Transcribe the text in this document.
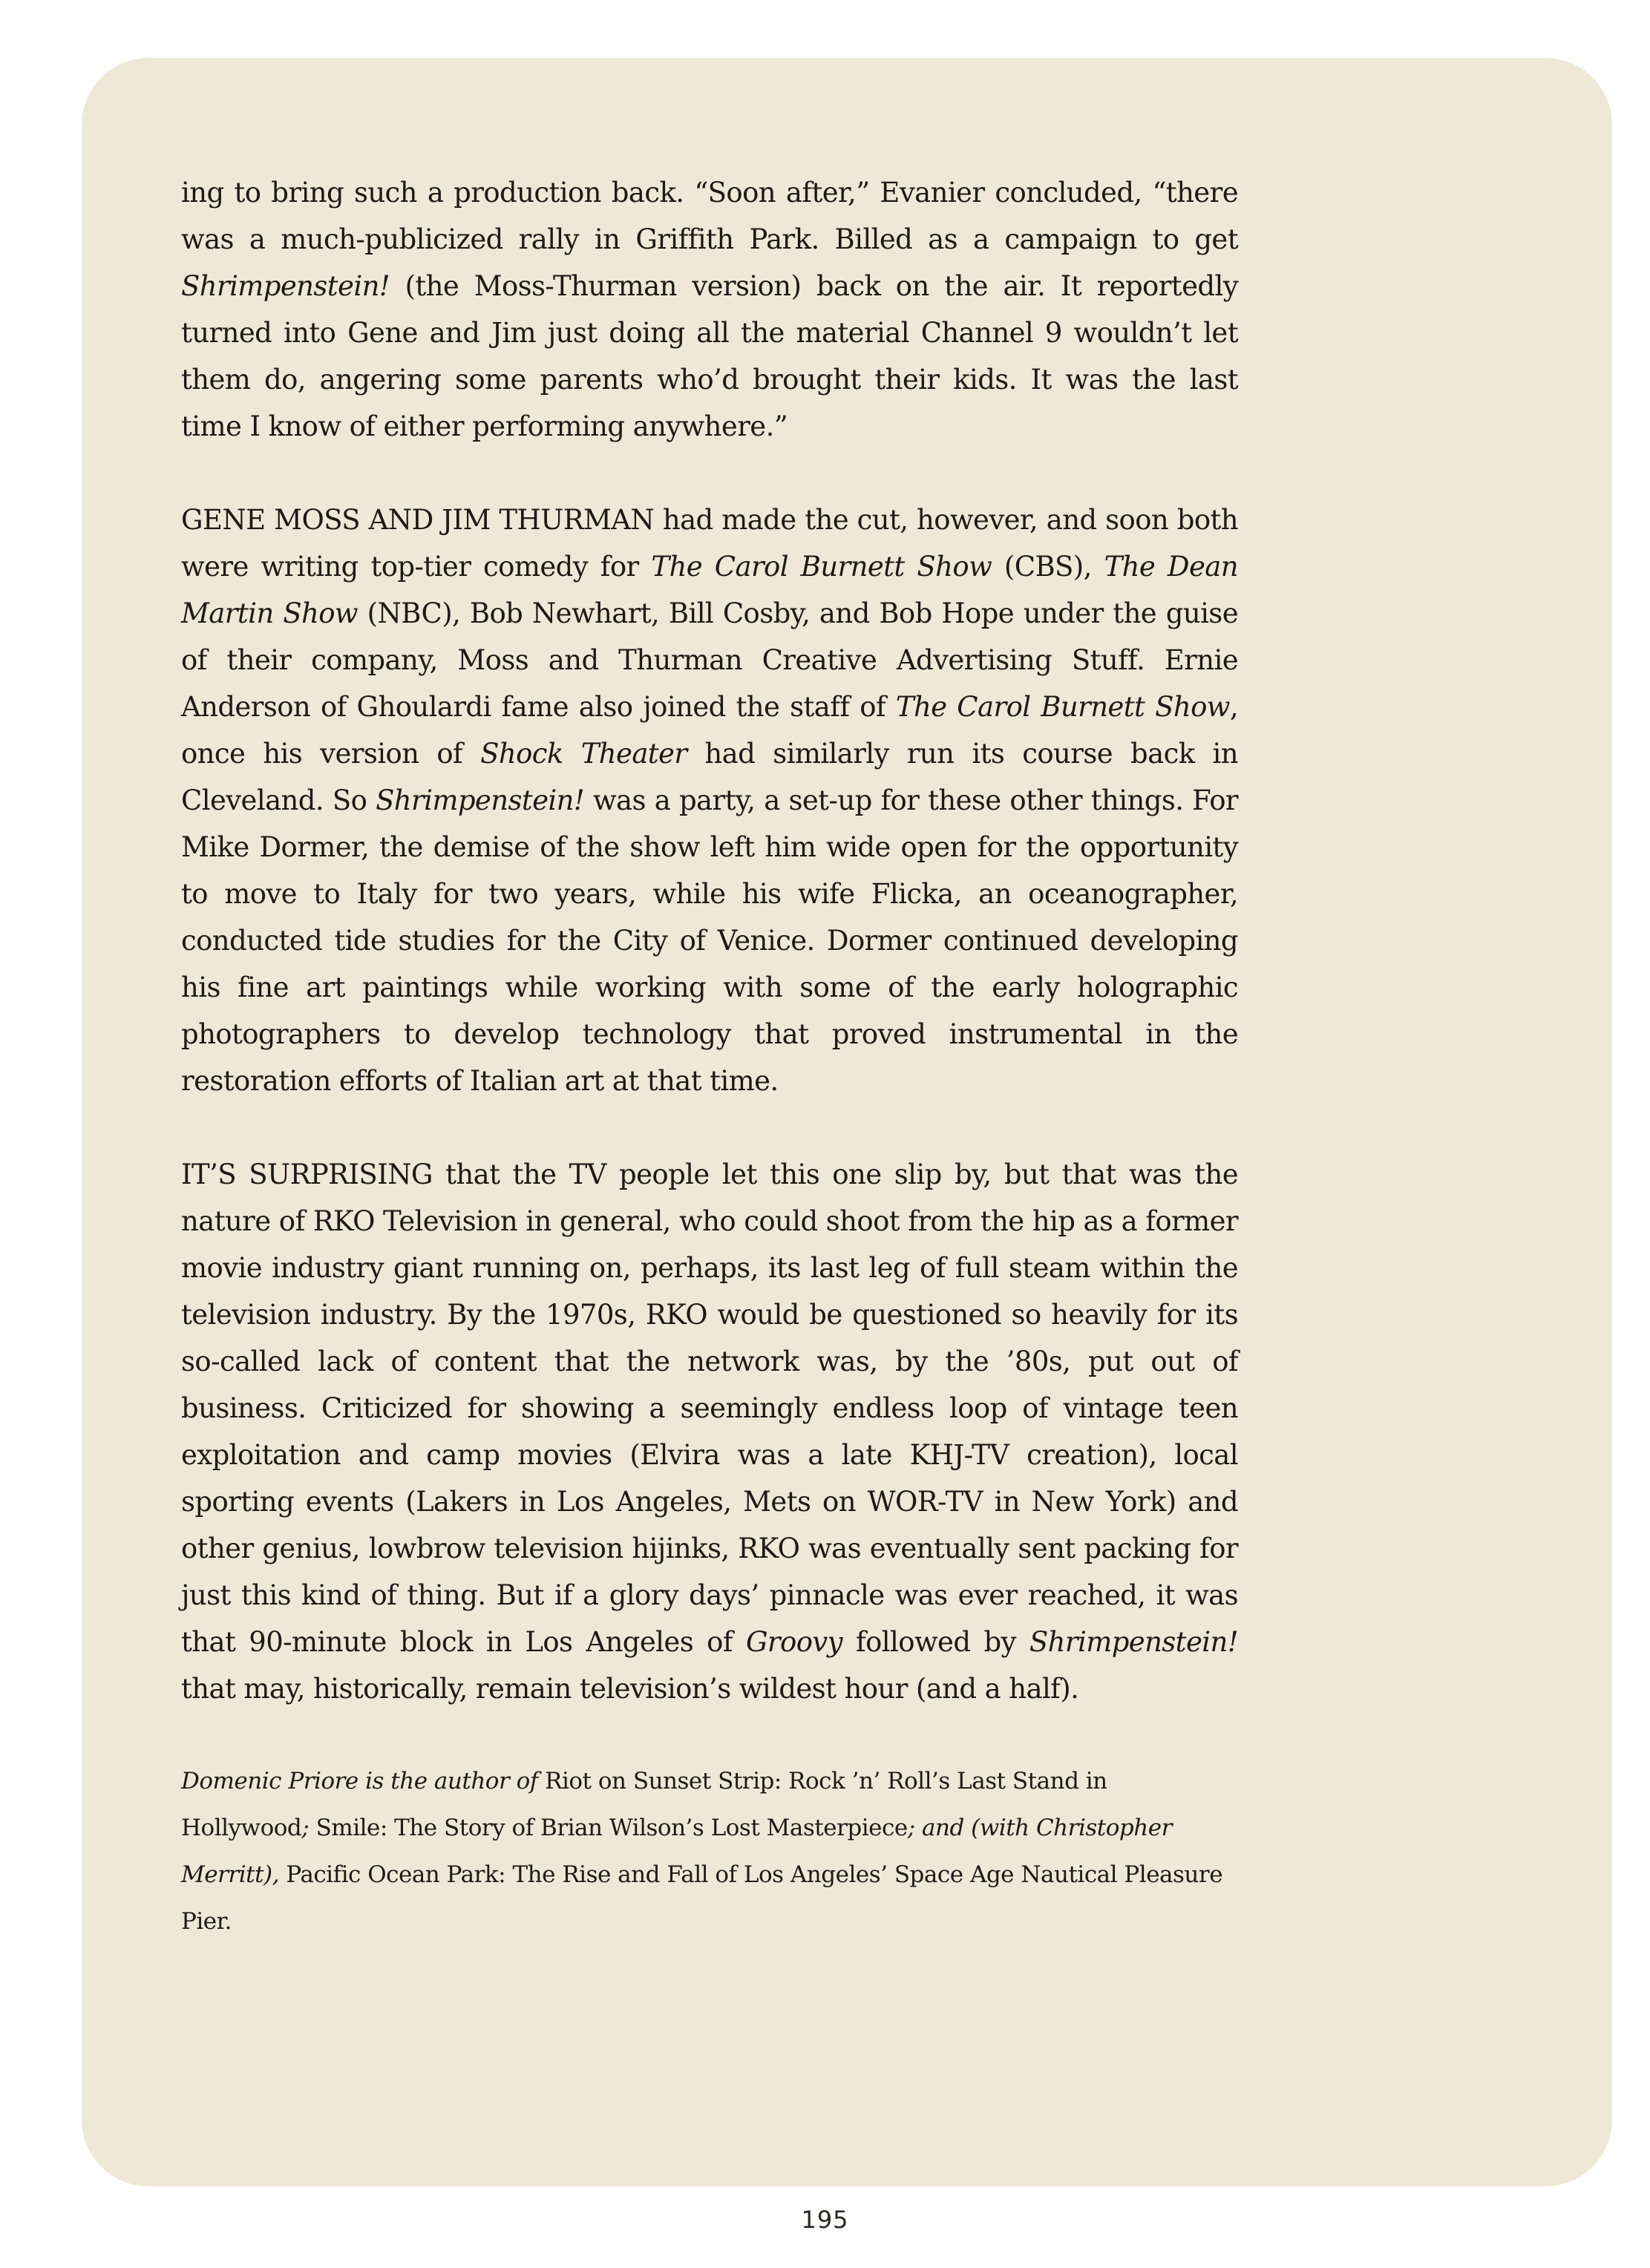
ing to bring such a production back. “Soon after,” Evanier concluded, “there was a much-publicized rally in Griffith Park. Billed as a campaign to get Shrimpenstein! (the Moss-Thurman version) back on the air. It reportedly turned into Gene and Jim just doing all the material Channel 9 wouldn’t let them do, angering some parents who’d brought their kids. It was the last time I know of either performing anywhere.”

GENE MOSS AND JIM THURMAN had made the cut, however, and soon both were writing top-tier comedy for The Carol Burnett Show (CBS), The Dean Martin Show (NBC), Bob Newhart, Bill Cosby, and Bob Hope under the guise of their company, Moss and Thurman Creative Advertising Stuff. Ernie Anderson of Ghoulardi fame also joined the staff of The Carol Burnett Show, once his version of Shock Theater had similarly run its course back in Cleveland. So Shrimpenstein! was a party, a set-up for these other things. For Mike Dormer, the demise of the show left him wide open for the opportunity to move to Italy for two years, while his wife Flicka, an oceanographer, conducted tide studies for the City of Venice. Dormer continued developing his fine art paintings while working with some of the early holographic photographers to develop technology that proved instrumental in the restoration efforts of Italian art at that time.

IT’S SURPRISING that the TV people let this one slip by, but that was the nature of RKO Television in general, who could shoot from the hip as a former movie industry giant running on, perhaps, its last leg of full steam within the television industry. By the 1970s, RKO would be questioned so heavily for its so-called lack of content that the network was, by the ’80s, put out of business. Criticized for showing a seemingly endless loop of vintage teen exploitation and camp movies (Elvira was a late KHJ-TV creation), local sporting events (Lakers in Los Angeles, Mets on WOR-TV in New York) and other genius, lowbrow television hijinks, RKO was eventually sent packing for just this kind of thing. But if a glory days’ pinnacle was ever reached, it was that 90-minute block in Los Angeles of Groovy followed by Shrimpenstein! that may, historically, remain television’s wildest hour (and a half).

Domenic Priore is the author of Riot on Sunset Strip: Rock ’n’ Roll’s Last Stand in Hollywood; Smile: The Story of Brian Wilson’s Lost Masterpiece; and (with Christopher Merritt), Pacific Ocean Park: The Rise and Fall of Los Angeles’ Space Age Nautical Pleasure Pier.

195
